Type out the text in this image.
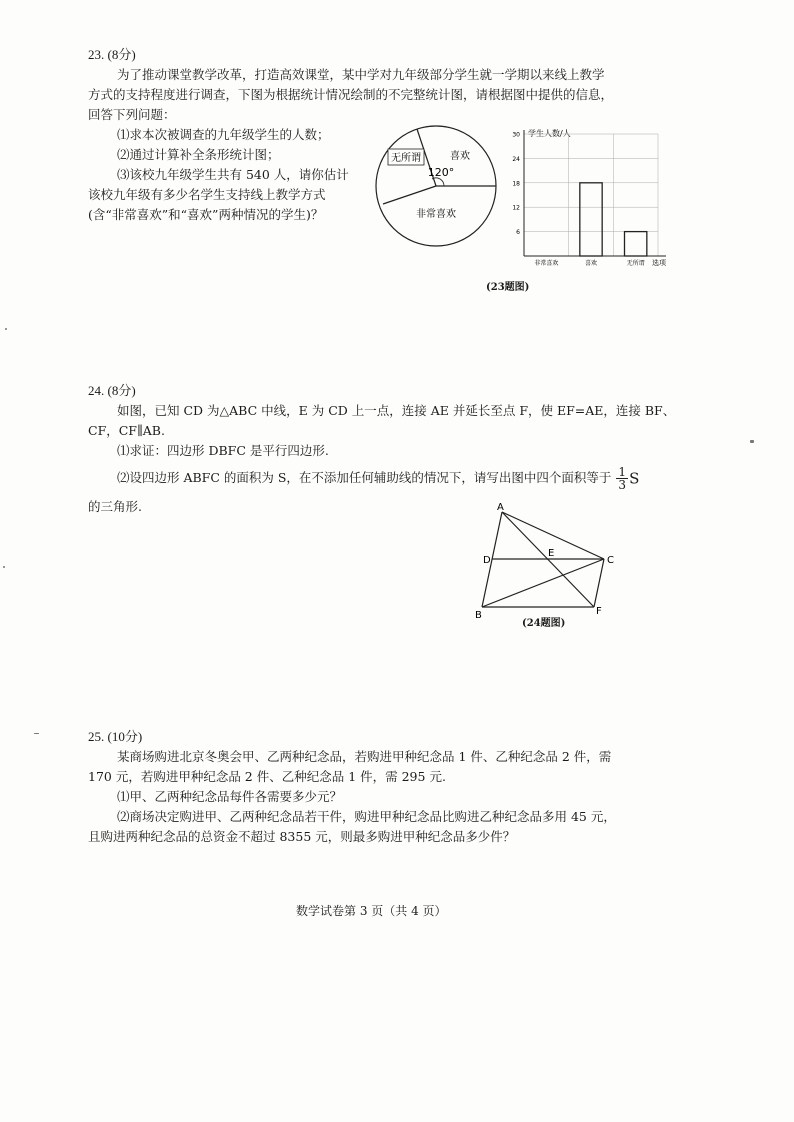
23. (8分)
为了推动课堂教学改革，打造高效课堂，某中学对九年级部分学生就一学期以来线上教学
方式的支持程度进行调查，下图为根据统计情况绘制的不完整统计图，请根据图中提供的信息，
回答下列问题：
⑴求本次被调查的九年级学生的人数；
⑵通过计算补全条形统计图；
⑶该校九年级学生共有 540 人，请你估计
该校九年级有多少名学生支持线上教学方式
(含“非常喜欢”和“喜欢”两种情况的学生)？
无所谓	喜欢
120°
非常喜欢
学生人数/人
选项
6
12
18
24
30
非常喜欢	喜欢	无所谓
(23题图)
24. (8分)
如图，已知 CD 为△ABC 中线，E 为 CD 上一点，连接 AE 并延长至点 F，使 EF=AE，连接 BF、
CF，CF∥AB.
⑴求证：四边形 DBFC 是平行四边形.
⑵设四边形 ABFC 的面积为 S，在不添加任何辅助线的情况下，请写出图中四个面积等于 $\frac{1}{3}$ S
的三角形.	A
D
E
C
B	F
(24题图)
25. (10分)
某商场购进北京冬奥会甲、乙两种纪念品，若购进甲种纪念品 1 件、乙种纪念品 2 件，需
170 元，若购进甲种纪念品 2 件、乙种纪念品 1 件，需 295 元.
⑴甲、乙两种纪念品每件各需要多少元？
⑵商场决定购进甲、乙两种纪念品若干件，购进甲种纪念品比购进乙种纪念品多用 45 元，
且购进两种纪念品的总资金不超过 8355 元，则最多购进甲种纪念品多少件？
数学试卷第 3 页（共 4 页）
